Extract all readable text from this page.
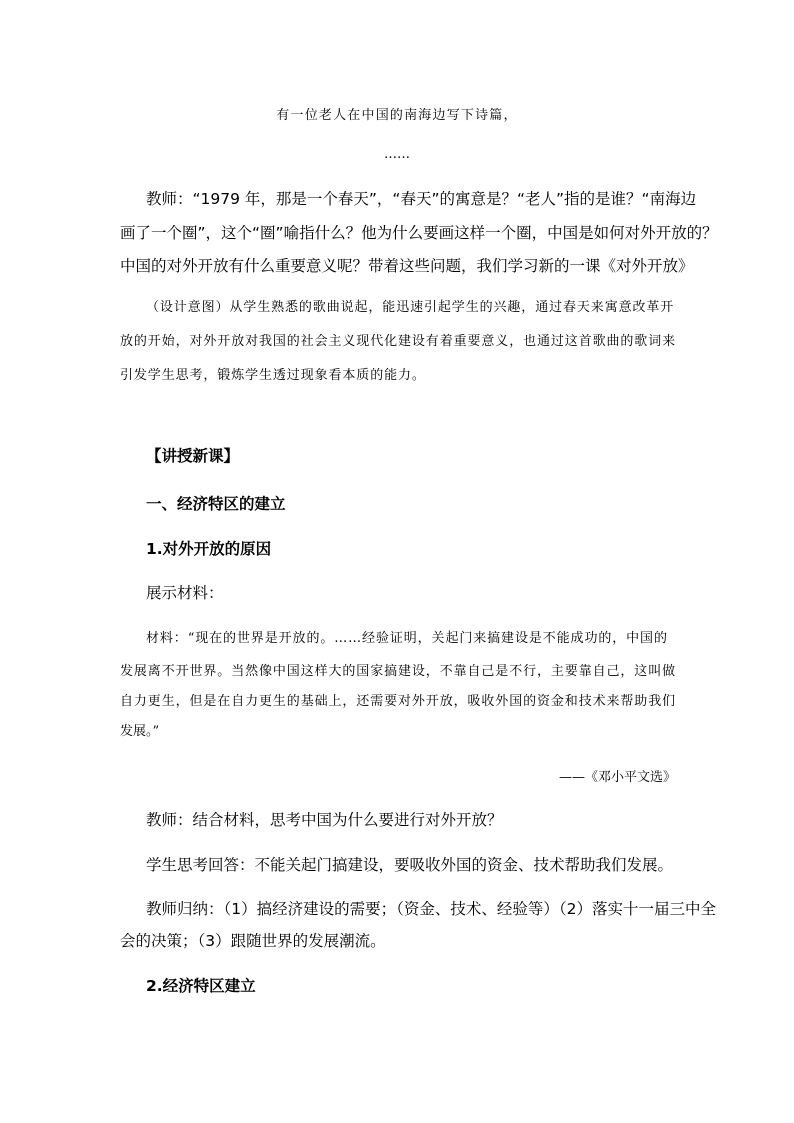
有一位老人在中国的南海边写下诗篇，
……
教师：“1979 年，那是一个春天”，“春天”的寓意是？“老人”指的是谁？“南海边
画了一个圈”，这个“圈”喻指什么？他为什么要画这样一个圈，中国是如何对外开放的？
中国的对外开放有什么重要意义呢？带着这些问题，我们学习新的一课《对外开放》
（设计意图）从学生熟悉的歌曲说起，能迅速引起学生的兴趣，通过春天来寓意改革开
放的开始，对外开放对我国的社会主义现代化建设有着重要意义，也通过这首歌曲的歌词来
引发学生思考，锻炼学生透过现象看本质的能力。
【讲授新课】
一、经济特区的建立
1.对外开放的原因
展示材料：
材料：“现在的世界是开放的。……经验证明，关起门来搞建设是不能成功的，中国的
发展离不开世界。当然像中国这样大的国家搞建设，不靠自己是不行，主要靠自己，这叫做
自力更生，但是在自力更生的基础上，还需要对外开放，吸收外国的资金和技术来帮助我们
发展。”
——《邓小平文选》
教师：结合材料，思考中国为什么要进行对外开放？
学生思考回答：不能关起门搞建设，要吸收外国的资金、技术帮助我们发展。
教师归纳：（1）搞经济建设的需要；（资金、技术、经验等）（2）落实十一届三中全
会的决策；（3）跟随世界的发展潮流。
2.经济特区建立
